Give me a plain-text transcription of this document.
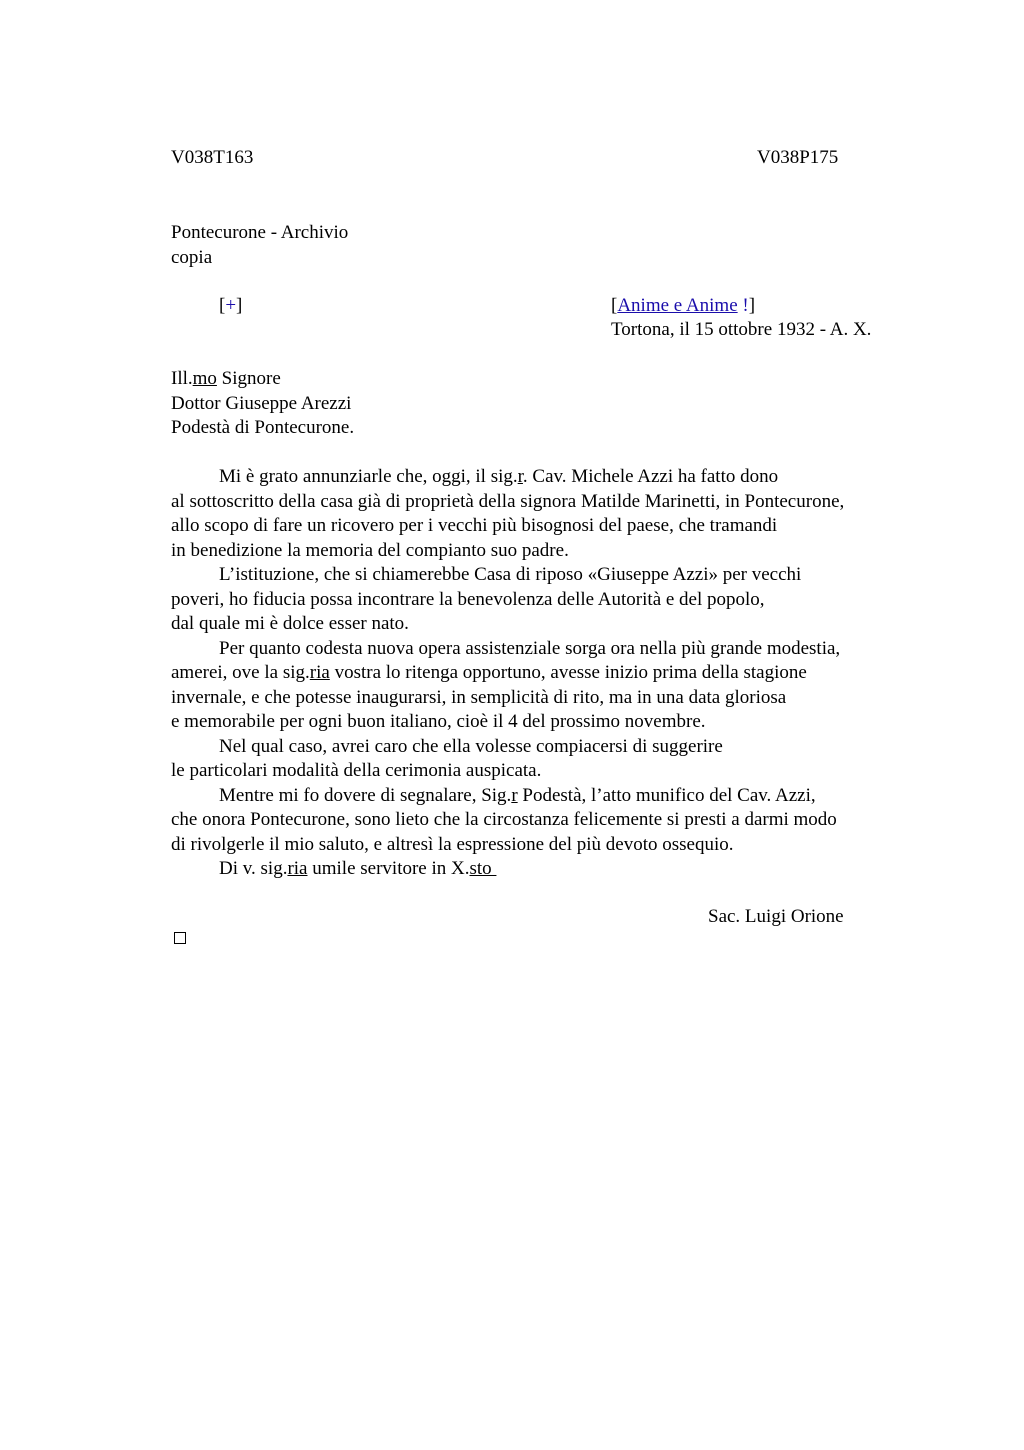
V038T163	V038P175
Pontecurone - Archivio
copia
[+]	[Anime e Anime !]
Tortona, il 15 ottobre 1932 - A. X.
Ill.mo Signore
Dottor Giuseppe Arezzi
Podestà di Pontecurone.
Mi è grato annunziarle che, oggi, il sig.r. Cav. Michele Azzi ha fatto dono
al sottoscritto della casa già di proprietà della signora Matilde Marinetti, in Pontecurone,
allo scopo di fare un ricovero per i vecchi più bisognosi del paese, che tramandi
in benedizione la memoria del compianto suo padre.
L’istituzione, che si chiamerebbe Casa di riposo «Giuseppe Azzi» per vecchi
poveri, ho fiducia possa incontrare la benevolenza delle Autorità e del popolo,
dal quale mi è dolce esser nato.
Per quanto codesta nuova opera assistenziale sorga ora nella più grande modestia,
amerei, ove la sig.ria vostra lo ritenga opportuno, avesse inizio prima della stagione
invernale, e che potesse inaugurarsi, in semplicità di rito, ma in una data gloriosa
e memorabile per ogni buon italiano, cioè il 4 del prossimo novembre.
Nel qual caso, avrei caro che ella volesse compiacersi di suggerire
le particolari modalità della cerimonia auspicata.
Mentre mi fo dovere di segnalare, Sig.r Podestà, l’atto munifico del Cav. Azzi,
che onora Pontecurone, sono lieto che la circostanza felicemente si presti a darmi modo
di rivolgerle il mio saluto, e altresì la espressione del più devoto ossequio.
Di v. sig.ria umile servitore in X.sto
Sac. Luigi Orione
